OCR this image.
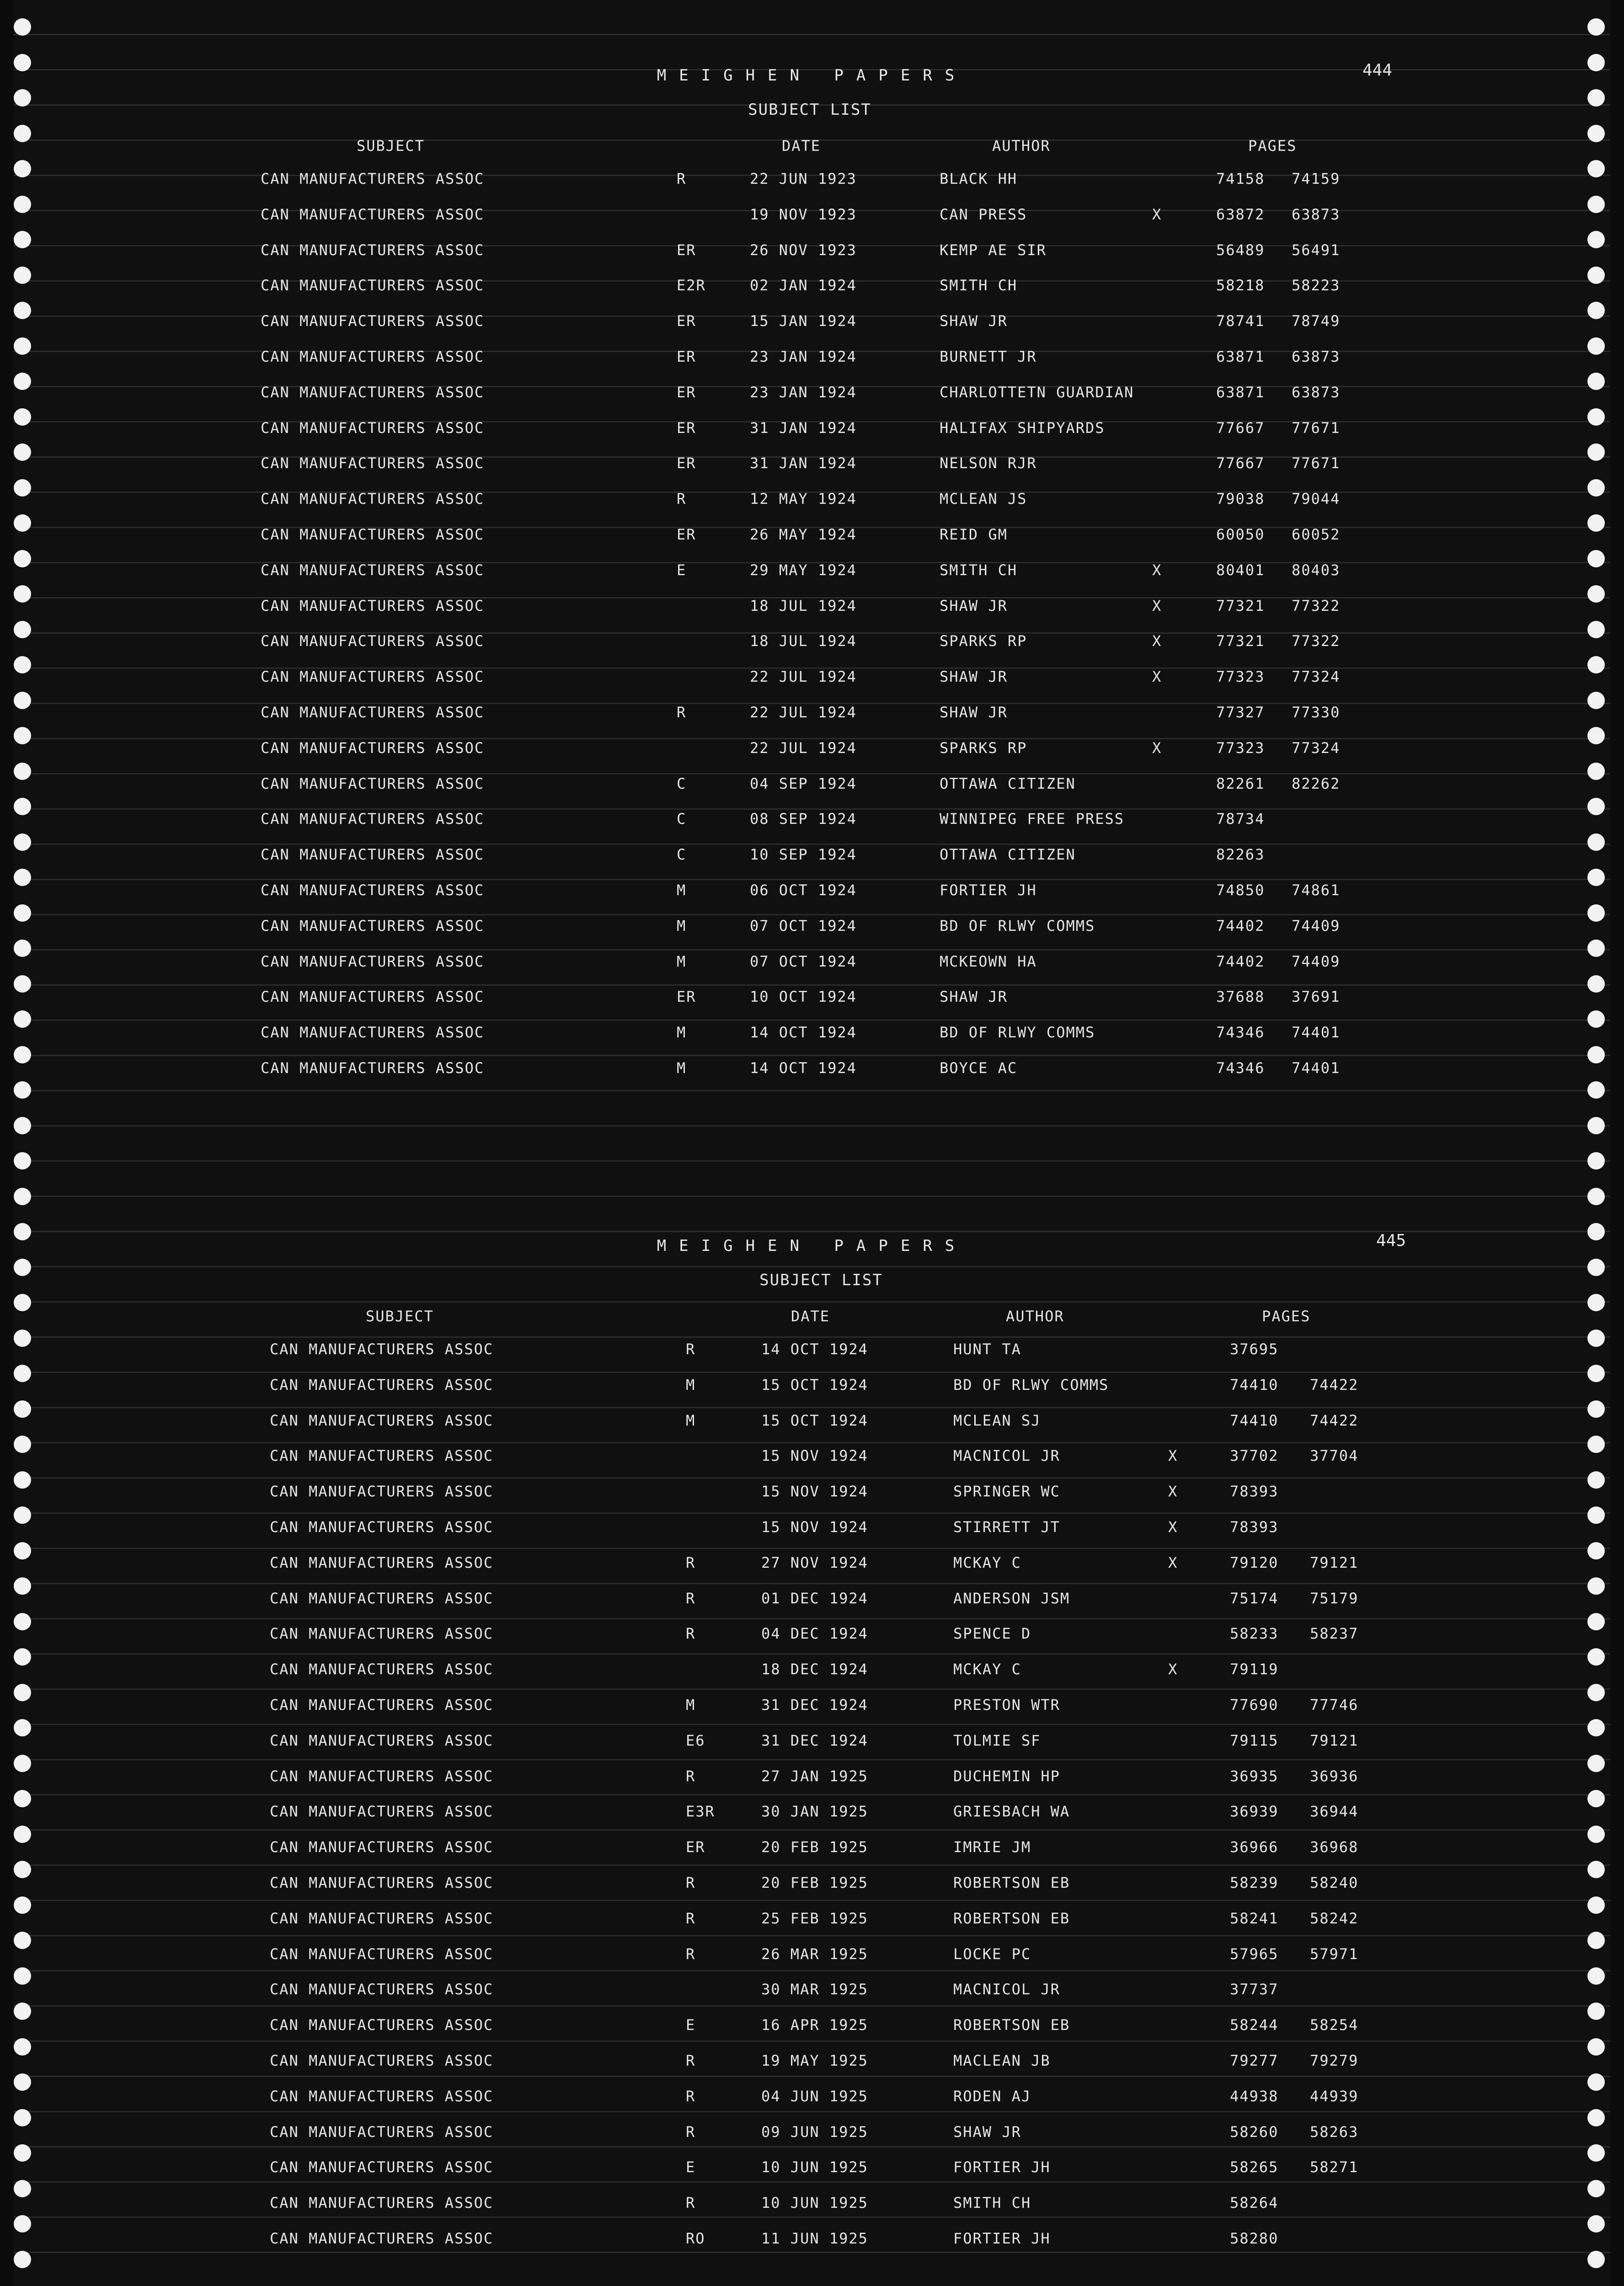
MEIGHEN PAPERS	444
SUBJECT LIST
SUBJECT	DATE	AUTHOR	PAGES
CAN MANUFACTURERS ASSOC	R	22 JUN 1923	BLACK HH	74158 74159
CAN MANUFACTURERS ASSOC	19 NOV 1923	CAN PRESS	X	63872 63873
CAN MANUFACTURERS ASSOC	ER	26 NOV 1923	KEMP AE SIR	56489 56491
CAN MANUFACTURERS ASSOC	E2R	02 JAN 1924	SMITH CH	58218 58223
CAN MANUFACTURERS ASSOC	ER	15 JAN 1924	SHAW JR	78741 78749
CAN MANUFACTURERS ASSOC	ER	23 JAN 1924	BURNETT JR	63871 63873
CAN MANUFACTURERS ASSOC	ER	23 JAN 1924	CHARLOTTETN GUARDIAN	63871 63873
CAN MANUFACTURERS ASSOC	ER	31 JAN 1924	HALIFAX SHIPYARDS	77667 77671
CAN MANUFACTURERS ASSOC	ER	31 JAN 1924	NELSON RJR	77667 77671
CAN MANUFACTURERS ASSOC	R	12 MAY 1924	MCLEAN JS	79038 79044
CAN MANUFACTURERS ASSOC	ER	26 MAY 1924	REID GM	60050 60052
CAN MANUFACTURERS ASSOC	E	29 MAY 1924	SMITH CH	X	80401 80403
CAN MANUFACTURERS ASSOC	18 JUL 1924	SHAW JR	X	77321 77322
CAN MANUFACTURERS ASSOC	18 JUL 1924	SPARKS RP	X	77321 77322
CAN MANUFACTURERS ASSOC	22 JUL 1924	SHAW JR	X	77323 77324
CAN MANUFACTURERS ASSOC	R	22 JUL 1924	SHAW JR	77327 77330
CAN MANUFACTURERS ASSOC	22 JUL 1924	SPARKS RP	X	77323 77324
CAN MANUFACTURERS ASSOC	C	04 SEP 1924	OTTAWA CITIZEN	82261 82262
CAN MANUFACTURERS ASSOC	C	08 SEP 1924	WINNIPEG FREE PRESS	78734
CAN MANUFACTURERS ASSOC	C	10 SEP 1924	OTTAWA CITIZEN	82263
CAN MANUFACTURERS ASSOC	M	06 OCT 1924	FORTIER JH	74850 74861
CAN MANUFACTURERS ASSOC	M	07 OCT 1924	BD OF RLWY COMMS	74402 74409
CAN MANUFACTURERS ASSOC	M	07 OCT 1924	MCKEOWN HA	74402 74409
CAN MANUFACTURERS ASSOC	ER	10 OCT 1924	SHAW JR	37688 37691
CAN MANUFACTURERS ASSOC	M	14 OCT 1924	BD OF RLWY COMMS	74346 74401
CAN MANUFACTURERS ASSOC	M	14 OCT 1924	BOYCE AC	74346 74401
MEIGHEN PAPERS	445
SUBJECT LIST
SUBJECT	DATE	AUTHOR	PAGES
CAN MANUFACTURERS ASSOC	R	14 OCT 1924	HUNT TA	37695
CAN MANUFACTURERS ASSOC	M	15 OCT 1924	BD OF RLWY COMMS	74410 74422
CAN MANUFACTURERS ASSOC	M	15 OCT 1924	MCLEAN SJ	74410 74422
CAN MANUFACTURERS ASSOC	15 NOV 1924	MACNICOL JR	X	37702 37704
CAN MANUFACTURERS ASSOC	15 NOV 1924	SPRINGER WC	X	78393
CAN MANUFACTURERS ASSOC	15 NOV 1924	STIRRETT JT	X	78393
CAN MANUFACTURERS ASSOC	R	27 NOV 1924	MCKAY C	X	79120 79121
CAN MANUFACTURERS ASSOC	R	01 DEC 1924	ANDERSON JSM	75174 75179
CAN MANUFACTURERS ASSOC	R	04 DEC 1924	SPENCE D	58233 58237
CAN MANUFACTURERS ASSOC	18 DEC 1924	MCKAY C	X	79119
CAN MANUFACTURERS ASSOC	M	31 DEC 1924	PRESTON WTR	77690 77746
CAN MANUFACTURERS ASSOC	E6	31 DEC 1924	TOLMIE SF	79115 79121
CAN MANUFACTURERS ASSOC	R	27 JAN 1925	DUCHEMIN HP	36935 36936
CAN MANUFACTURERS ASSOC	E3R	30 JAN 1925	GRIESBACH WA	36939 36944
CAN MANUFACTURERS ASSOC	ER	20 FEB 1925	IMRIE JM	36966 36968
CAN MANUFACTURERS ASSOC	R	20 FEB 1925	ROBERTSON EB	58239 58240
CAN MANUFACTURERS ASSOC	R	25 FEB 1925	ROBERTSON EB	58241 58242
CAN MANUFACTURERS ASSOC	R	26 MAR 1925	LOCKE PC	57965 57971
CAN MANUFACTURERS ASSOC	30 MAR 1925	MACNICOL JR	37737
CAN MANUFACTURERS ASSOC	E	16 APR 1925	ROBERTSON EB	58244 58254
CAN MANUFACTURERS ASSOC	R	19 MAY 1925	MACLEAN JB	79277 79279
CAN MANUFACTURERS ASSOC	R	04 JUN 1925	RODEN AJ	44938 44939
CAN MANUFACTURERS ASSOC	R	09 JUN 1925	SHAW JR	58260 58263
CAN MANUFACTURERS ASSOC	E	10 JUN 1925	FORTIER JH	58265 58271
CAN MANUFACTURERS ASSOC	R	10 JUN 1925	SMITH CH	58264
CAN MANUFACTURERS ASSOC	RO	11 JUN 1925	FORTIER JH	58280
